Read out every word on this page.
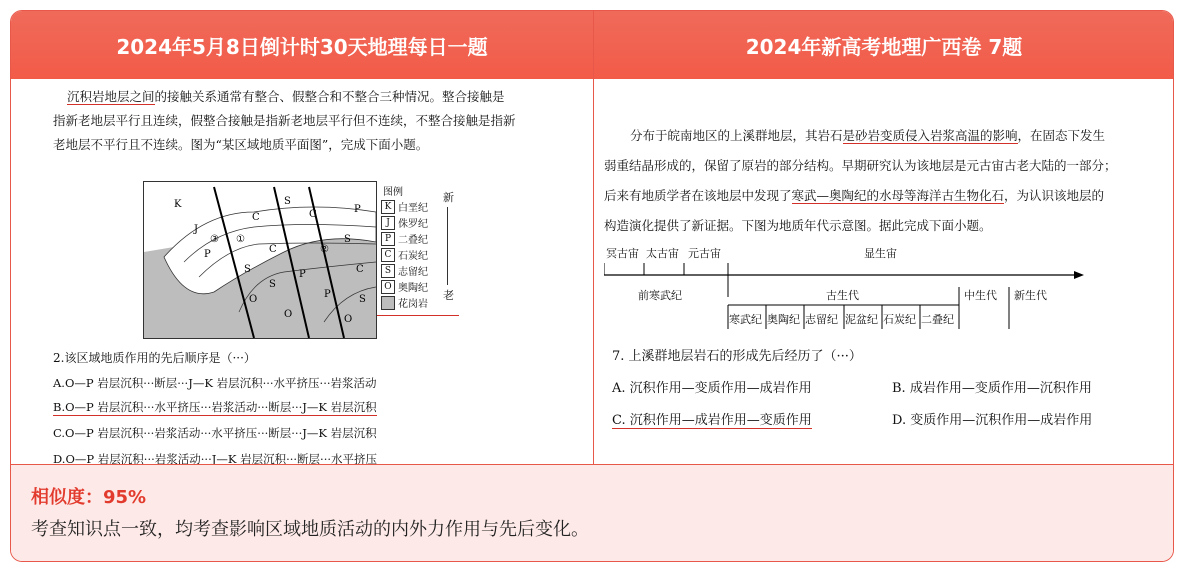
2024年5月8日倒计时30天地理每日一题	2024年新高考地理广西卷 7题
沉积岩地层之间的接触关系通常有整合、假整合和不整合三种情况。整合接触是
指新老地层平行且连续，假整合接触是指新老地层平行但不连续，不整合接触是指新
老地层不平行且不连续。图为“某区域地质平面图”，完成下面小题。
K
J
③ ①
C
P	C
S
S
O
S
O
C	P
②
S
C
P
O
S
P
图例
K 白垩纪
J 侏罗纪
P 二叠纪
C 石炭纪
S 志留纪
O 奥陶纪
花岗岩
新
老
2.该区域地质作用的先后顺序是（···）
A.O—P 岩层沉积···断层···J—K 岩层沉积···水平挤压···岩浆活动
B.O—P 岩层沉积···水平挤压···岩浆活动···断层···J—K 岩层沉积
C.O—P 岩层沉积···岩浆活动···水平挤压···断层···J—K 岩层沉积
D.O—P 岩层沉积···岩浆活动···J—K 岩层沉积···断层···水平挤压
分布于皖南地区的上溪群地层，其岩石是砂岩变质侵入岩浆高温的影响，在固态下发生
弱重结晶形成的，保留了原岩的部分结构。早期研究认为该地层是元古宙古老大陆的一部分；
后来有地质学者在该地层中发现了寒武—奥陶纪的水母等海洋古生物化石，为认识该地层的
构造演化提供了新证据。下图为地质年代示意图。据此完成下面小题。
冥古宙 太古宙 元古宙	显生宙
前寒武纪	古生代	中生代 新生代
寒武纪 奥陶纪 志留纪 泥盆纪 石炭纪 二叠纪
7. 上溪群地层岩石的形成先后经历了（···）
A. 沉积作用—变质作用—成岩作用	B. 成岩作用—变质作用—沉积作用
C. 沉积作用—成岩作用—变质作用	D. 变质作用—沉积作用—成岩作用
相似度：95%
考查知识点一致，均考查影响区域地质活动的内外力作用与先后变化。
